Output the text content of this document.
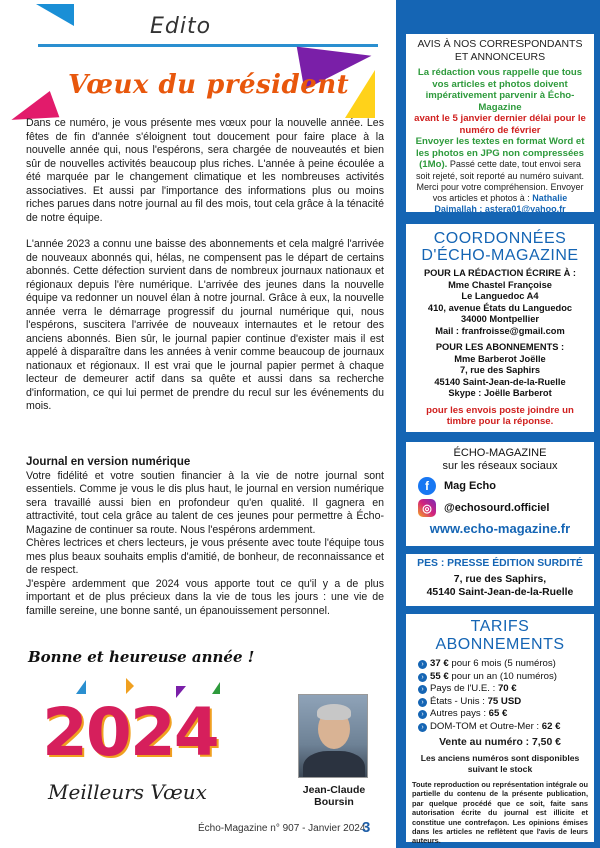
Edito
Vœux du président

Dans ce numéro, je vous présente mes vœux pour la nouvelle année. Les fêtes de fin d'année s'éloignent tout doucement pour faire place à la nouvelle année qui, nous l'espérons, sera chargée de nouveautés et bien sûr de nouvelles activités beaucoup plus riches. L'année à peine écoulée a été marquée par le changement climatique et les nombreuses activités associatives. Et aussi par l'importance des informations plus ou moins riches parues dans notre journal au fil des mois, tout cela grâce à la ténacité de notre équipe.

L'année 2023 a connu une baisse des abonnements et cela malgré l'arrivée de nouveaux abonnés qui, hélas, ne compensent pas le départ de certains abonnés. Cette défection survient dans de nombreux journaux nationaux et régionaux depuis l'ère numérique. L'arrivée des jeunes dans la nouvelle équipe va redonner un nouvel élan à notre journal. Grâce à eux, la nouvelle année verra le démarrage progressif du journal numérique qui, nous l'espérons, suscitera l'arrivée de nouveaux internautes et le retour des anciens abonnés. Bien sûr, le journal papier continue d'exister mais il est appelé à disparaître dans les années à venir comme beaucoup de journaux nationaux et régionaux. Il est vrai que le journal papier permet à chaque lecteur de demeurer actif dans sa quête et aussi dans sa recherche d'information, ce qui lui permet de prendre du recul sur les événements du mois.

Journal en version numérique

Votre fidélité et votre soutien financier à la vie de notre journal sont essentiels. Comme je vous le dis plus haut, le journal en version numérique sera travaillé aussi bien en profondeur qu'en qualité. Il gagnera en attractivité, tout cela grâce au talent de ces jeunes pour permettre à Écho-Magazine de continuer sa route. Nous l'espérons ardemment.

Chères lectrices et chers lecteurs, je vous présente avec toute l'équipe tous mes plus beaux souhaits emplis d'amitié, de bonheur, de reconnaissance et de respect.

J'espère ardemment que 2024 vous apporte tout ce qu'il y a de plus important et de plus précieux dans la vie de tous les jours : une vie de famille sereine, une bonne santé, un épanouissement personnel.

Bonne et heureuse année !
2024
Meilleurs Vœux	Jean-Claude
Boursin
Écho-Magazine n° 907 - Janvier 2024
3
AVIS À NOS CORRESPONDANTS ET ANNONCEURS
La rédaction vous rappelle que tous vos articles et photos doivent impérativement parvenir à Écho-Magazine
avant le 5 janvier dernier délai pour le numéro de février
Envoyer les textes en format Word et les photos en JPG non compressées (1Mo). Passé cette date, tout envoi sera soit rejeté, soit reporté au numéro suivant. Merci pour votre compréhension. Envoyer vos articles et photos à : Nathalie Daimallah : astera01@yahoo.fr
COORDONNÉES D'ÉCHO-MAGAZINE
POUR LA RÉDACTION ÉCRIRE À :
Mme Chastel Françoise
Le Languedoc A4
410, avenue États du Languedoc
34000 Montpellier
Mail : franfroisse@gmail.com
POUR LES ABONNEMENTS :
Mme Barberot Joëlle
7, rue des Saphirs
45140 Saint-Jean-de-la-Ruelle
Skype : Joëlle Barberot
pour les envois poste joindre un timbre pour la réponse.
ÉCHO-MAGAZINE
sur les réseaux sociaux
f	Mag Echo
◎	@echosourd.officiel
www.echo-magazine.fr
PES : PRESSE ÉDITION SURDITÉ
7, rue des Saphirs,
45140 Saint-Jean-de-la-Ruelle
TARIFS ABONNEMENTS
› 37 € pour 6 mois (5 numéros)
› 55 € pour un an (10 numéros)
› Pays de l'U.E. : 70 €
› États - Unis : 75 USD
› Autres pays : 65 €
› DOM-TOM et Outre-Mer : 62 €
Vente au numéro : 7,50 €
Les anciens numéros sont disponibles suivant le stock
Toute reproduction ou représentation intégrale ou partielle du contenu de la présente publication, par quelque procédé que ce soit, faite sans autorisation écrite du journal est illicite et constitue une contrefaçon. Les opinions émises dans les articles ne reflètent que l'avis de leurs auteurs.
